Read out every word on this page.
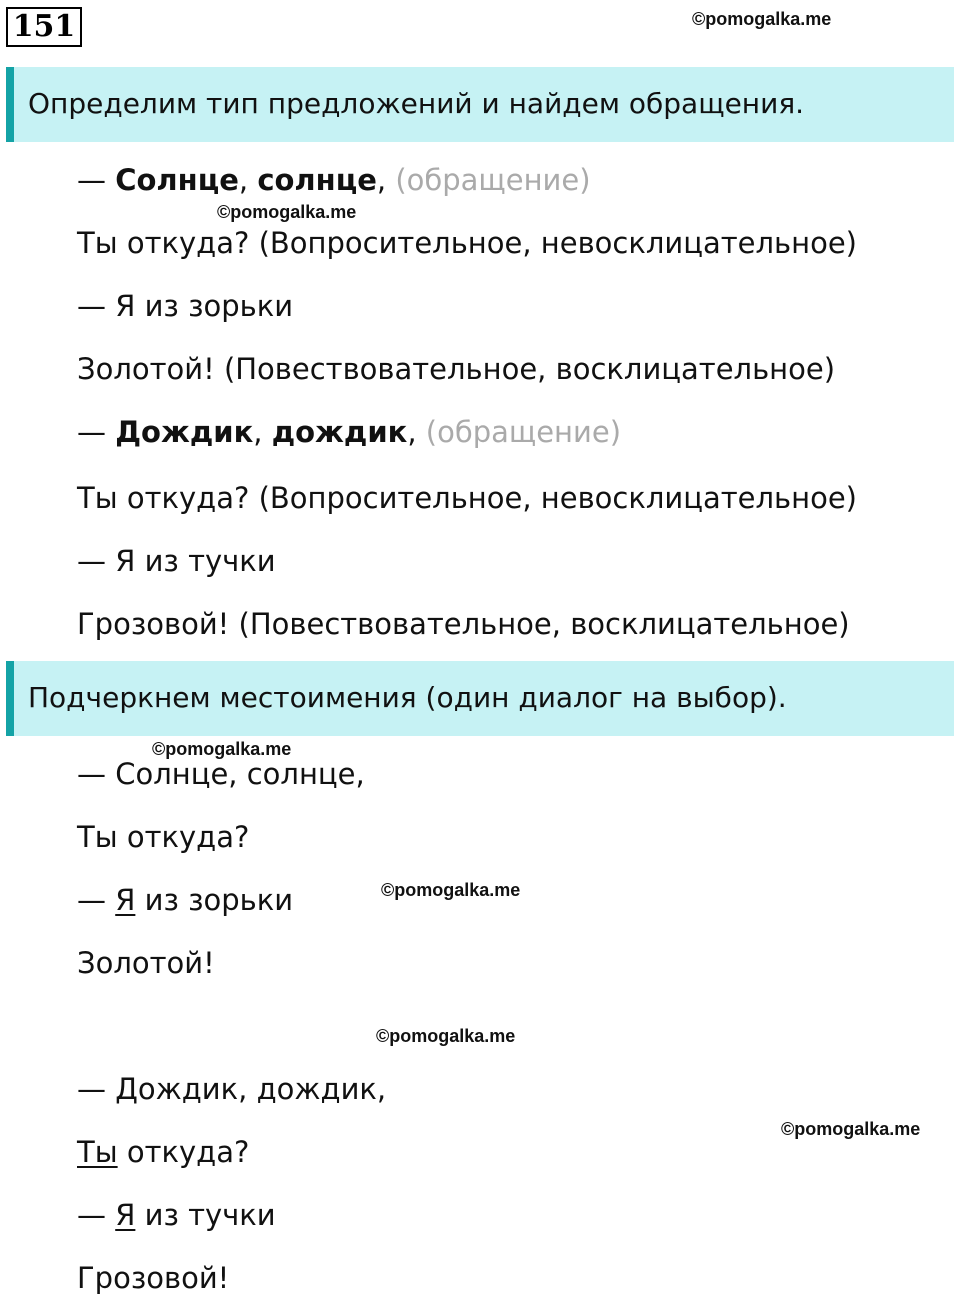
151	©pomogalka.me
Определим тип предложений и найдем обращения.
— Солнце, солнце, (обращение)
©pomogalka.me
Ты откуда? (Вопросительное, невосклицательное)
— Я из зорьки
Золотой! (Повествовательное, восклицательное)
— Дождик, дождик, (обращение)
Ты откуда? (Вопросительное, невосклицательное)
— Я из тучки
Грозовой! (Повествовательное, восклицательное)
Подчеркнем местоимения (один диалог на выбор).
©pomogalka.me
— Солнце, солнце,
Ты откуда?
— Я из зорьки	©pomogalka.me
Золотой!
©pomogalka.me
— Дождик, дождик,
©pomogalka.me
Ты откуда?
— Я из тучки
Грозовой!
